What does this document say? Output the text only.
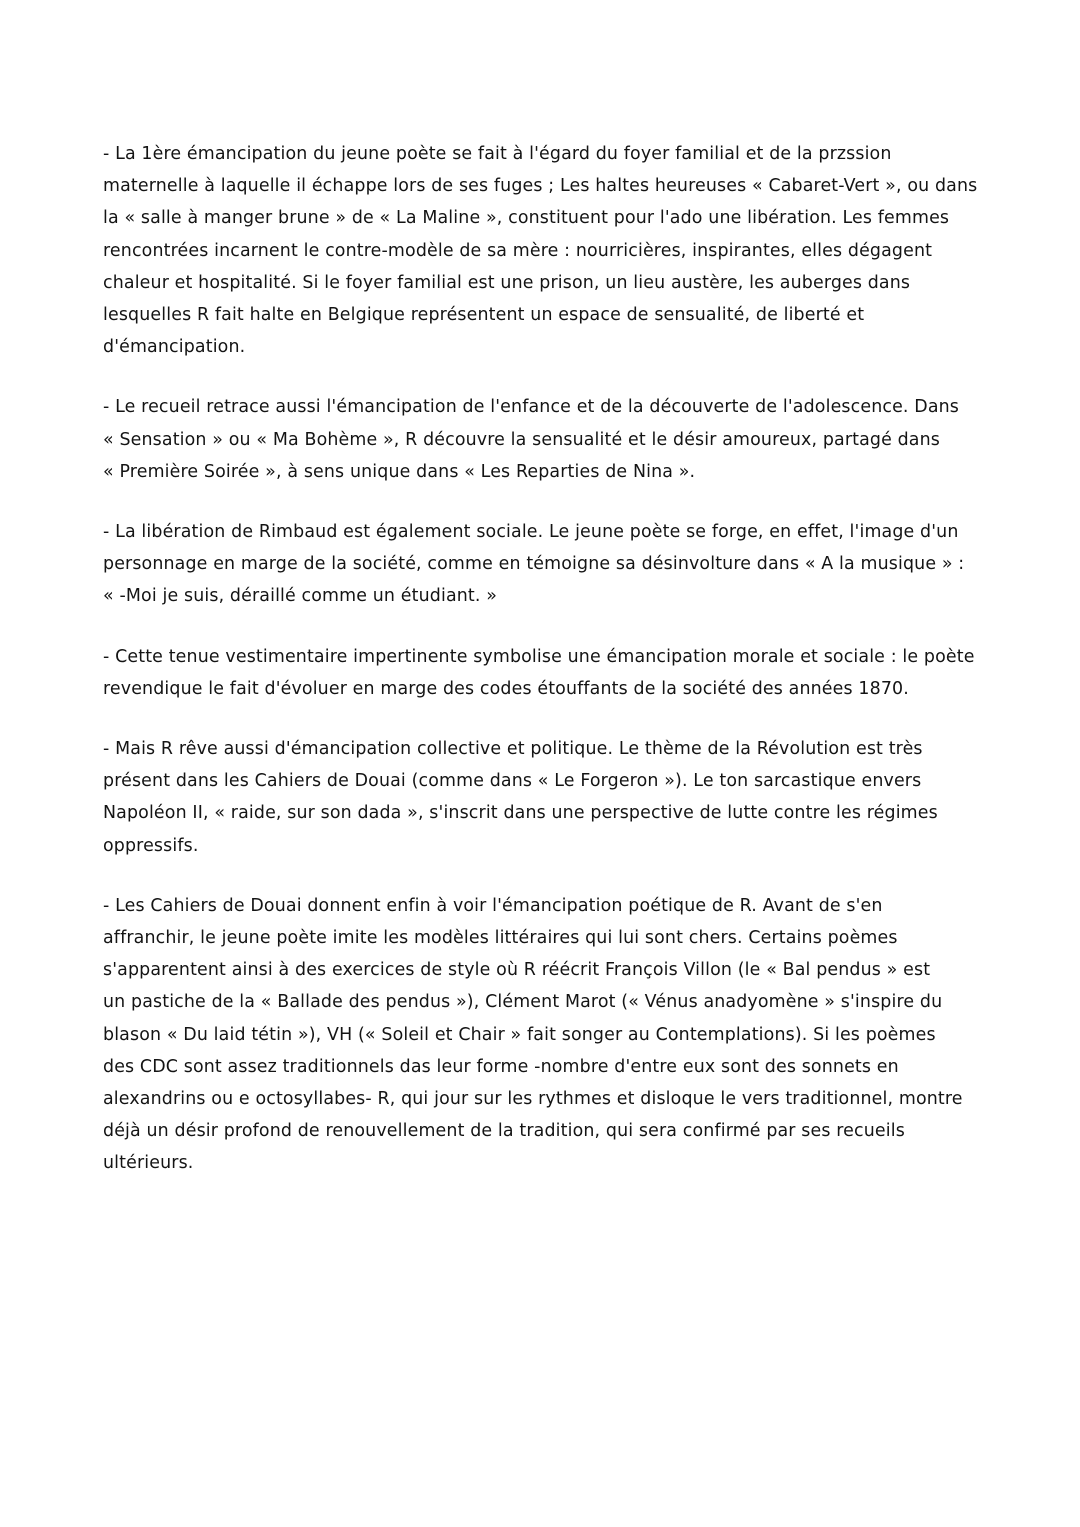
- La 1ère émancipation du jeune poète se fait à l'égard du foyer familial et de la przssion
maternelle à laquelle il échappe lors de ses fuges ; Les haltes heureuses « Cabaret-Vert », ou dans
la « salle à manger brune » de « La Maline », constituent pour l'ado une libération. Les femmes
rencontrées incarnent le contre-modèle de sa mère : nourricières, inspirantes, elles dégagent
chaleur et hospitalité. Si le foyer familial est une prison, un lieu austère, les auberges dans
lesquelles R fait halte en Belgique représentent un espace de sensualité, de liberté et
d'émancipation.

- Le recueil retrace aussi l'émancipation de l'enfance et de la découverte de l'adolescence. Dans
« Sensation » ou « Ma Bohème », R découvre la sensualité et le désir amoureux, partagé dans
« Première Soirée », à sens unique dans « Les Reparties de Nina ».

- La libération de Rimbaud est également sociale. Le jeune poète se forge, en effet, l'image d'un
personnage en marge de la société, comme en témoigne sa désinvolture dans « A la musique » :
« -Moi je suis, déraillé comme un étudiant. »

- Cette tenue vestimentaire impertinente symbolise une émancipation morale et sociale : le poète
revendique le fait d'évoluer en marge des codes étouffants de la société des années 1870.

- Mais R rêve aussi d'émancipation collective et politique. Le thème de la Révolution est très
présent dans les Cahiers de Douai (comme dans « Le Forgeron »). Le ton sarcastique envers
Napoléon II, « raide, sur son dada », s'inscrit dans une perspective de lutte contre les régimes
oppressifs.

- Les Cahiers de Douai donnent enfin à voir l'émancipation poétique de R. Avant de s'en
affranchir, le jeune poète imite les modèles littéraires qui lui sont chers. Certains poèmes
s'apparentent ainsi à des exercices de style où R réécrit François Villon (le « Bal pendus » est
un pastiche de la « Ballade des pendus »), Clément Marot (« Vénus anadyomène » s'inspire du
blason « Du laid tétin »), VH (« Soleil et Chair » fait songer au Contemplations). Si les poèmes
des CDC sont assez traditionnels das leur forme -nombre d'entre eux sont des sonnets en
alexandrins ou e octosyllabes- R, qui jour sur les rythmes et disloque le vers traditionnel, montre
déjà un désir profond de renouvellement de la tradition, qui sera confirmé par ses recueils
ultérieurs.
